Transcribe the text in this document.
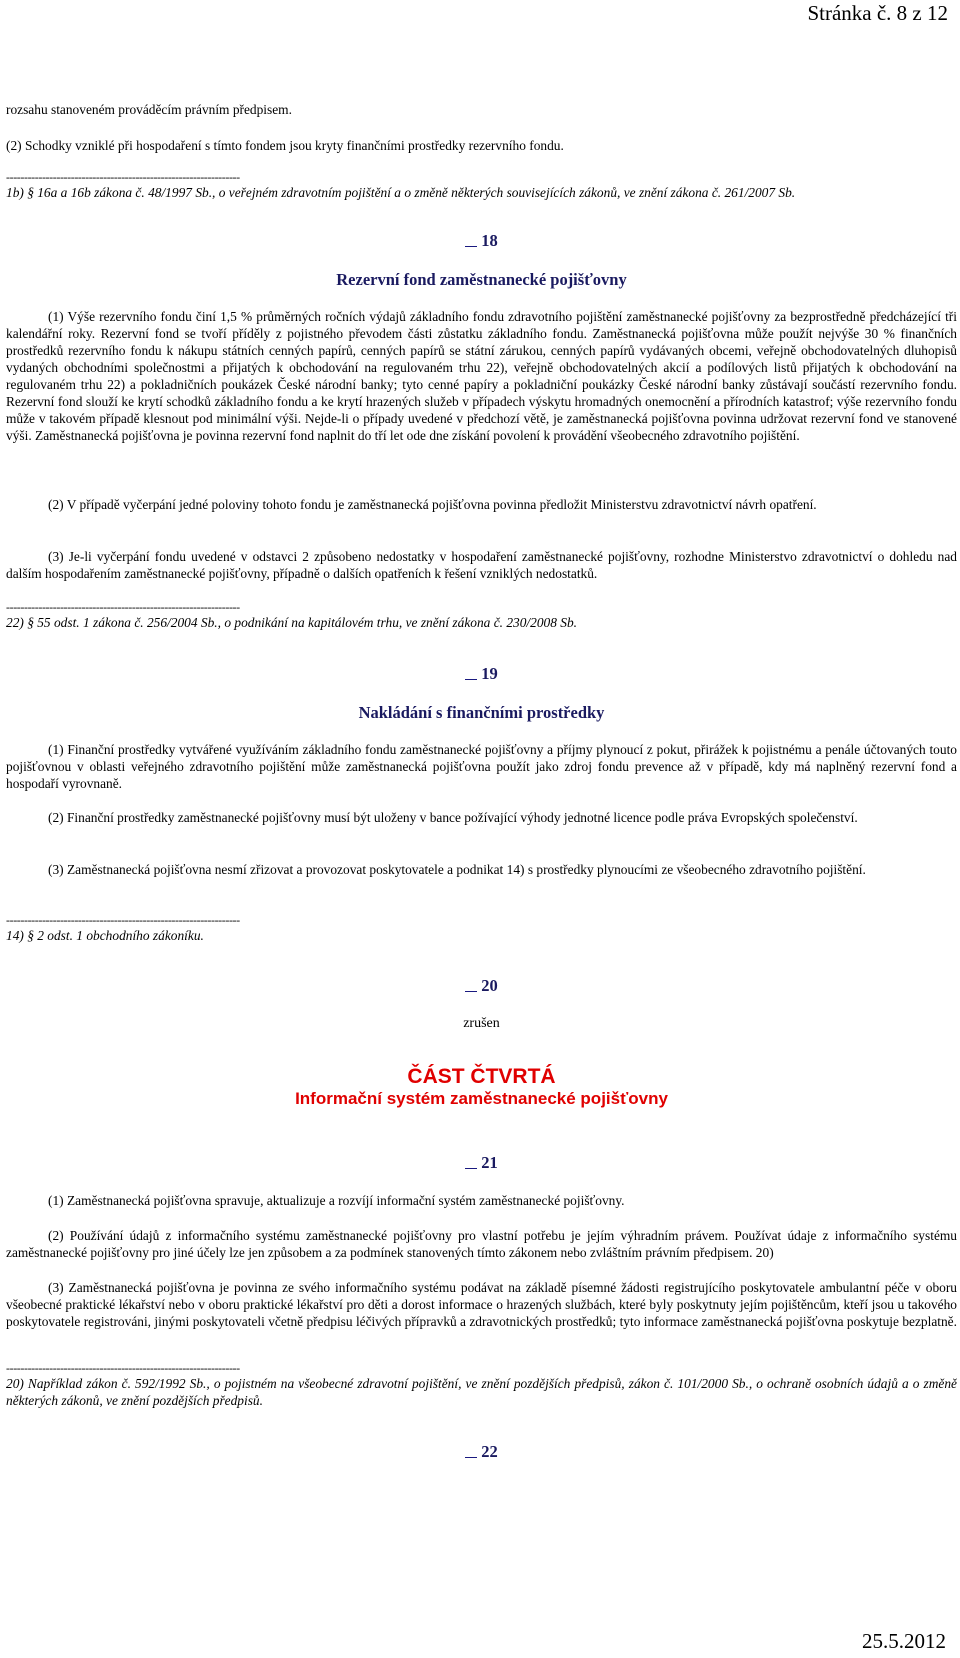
Stránka č. 8 z 12

rozsahu stanoveném prováděcím právním předpisem.

(2) Schodky vzniklé při hospodaření s tímto fondem jsou kryty finančními prostředky rezervního fondu.

-----------------------------------------------------------------

1b) § 16a a 16b zákona č. 48/1997 Sb., o veřejném zdravotním pojištění a o změně některých souvisejících zákonů, ve znění zákona č. 261/2007 Sb.

18
Rezervní fond zaměstnanecké pojišťovny

(1) Výše rezervního fondu činí 1,5 % průměrných ročních výdajů základního fondu zdravotního pojištění zaměstnanecké pojišťovny za bezprostředně předcházející tři kalendářní roky. Rezervní fond se tvoří příděly z pojistného převodem části zůstatku základního fondu. Zaměstnanecká pojišťovna může použít nejvýše 30 % finančních prostředků rezervního fondu k nákupu státních cenných papírů, cenných papírů se státní zárukou, cenných papírů vydávaných obcemi, veřejně obchodovatelných dluhopisů vydaných obchodními společnostmi a přijatých k obchodování na regulovaném trhu 22), veřejně obchodovatelných akcií a podílových listů přijatých k obchodování na regulovaném trhu 22) a pokladničních poukázek České národní banky; tyto cenné papíry a pokladniční poukázky České národní banky zůstávají součástí rezervního fondu. Rezervní fond slouží ke krytí schodků základního fondu a ke krytí hrazených služeb v případech výskytu hromadných onemocnění a přírodních katastrof; výše rezervního fondu může v takovém případě klesnout pod minimální výši. Nejde-li o případy uvedené v předchozí větě, je zaměstnanecká pojišťovna povinna udržovat rezervní fond ve stanovené výši. Zaměstnanecká pojišťovna je povinna rezervní fond naplnit do tří let ode dne získání povolení k provádění všeobecného zdravotního pojištění.

(2) V případě vyčerpání jedné poloviny tohoto fondu je zaměstnanecká pojišťovna povinna předložit Ministerstvu zdravotnictví návrh opatření.

(3) Je-li vyčerpání fondu uvedené v odstavci 2 způsobeno nedostatky v hospodaření zaměstnanecké pojišťovny, rozhodne Ministerstvo zdravotnictví o dohledu nad dalším hospodařením zaměstnanecké pojišťovny, případně o dalších opatřeních k řešení vzniklých nedostatků.

-----------------------------------------------------------------

22) § 55 odst. 1 zákona č. 256/2004 Sb., o podnikání na kapitálovém trhu, ve znění zákona č. 230/2008 Sb.

19
Nakládání s finančními prostředky

(1) Finanční prostředky vytvářené využíváním základního fondu zaměstnanecké pojišťovny a příjmy plynoucí z pokut, přirážek k pojistnému a penále účtovaných touto pojišťovnou v oblasti veřejného zdravotního pojištění může zaměstnanecká pojišťovna použít jako zdroj fondu prevence až v případě, kdy má naplněný rezervní fond a hospodaří vyrovnaně.

(2) Finanční prostředky zaměstnanecké pojišťovny musí být uloženy v bance požívající výhody jednotné licence podle práva Evropských společenství.

(3) Zaměstnanecká pojišťovna nesmí zřizovat a provozovat poskytovatele a podnikat 14) s prostředky plynoucími ze všeobecného zdravotního pojištění.

-----------------------------------------------------------------

14) § 2 odst. 1 obchodního zákoníku.

20

zrušen

ČÁST ČTVRTÁ
Informační systém zaměstnanecké pojišťovny
21

(1) Zaměstnanecká pojišťovna spravuje, aktualizuje a rozvíjí informační systém zaměstnanecké pojišťovny.

(2) Používání údajů z informačního systému zaměstnanecké pojišťovny pro vlastní potřebu je jejím výhradním právem. Používat údaje z informačního systému zaměstnanecké pojišťovny pro jiné účely lze jen způsobem a za podmínek stanovených tímto zákonem nebo zvláštním právním předpisem. 20)

(3) Zaměstnanecká pojišťovna je povinna ze svého informačního systému podávat na základě písemné žádosti registrujícího poskytovatele ambulantní péče v oboru všeobecné praktické lékařství nebo v oboru praktické lékařství pro děti a dorost informace o hrazených službách, které byly poskytnuty jejím pojištěncům, kteří jsou u takového poskytovatele registrováni, jinými poskytovateli včetně předpisu léčivých přípravků a zdravotnických prostředků; tyto informace zaměstnanecká pojišťovna poskytuje bezplatně.

-----------------------------------------------------------------

20) Například zákon č. 592/1992 Sb., o pojistném na všeobecné zdravotní pojištění, ve znění pozdějších předpisů, zákon č. 101/2000 Sb., o ochraně osobních údajů a o změně některých zákonů, ve znění pozdějších předpisů.

22
25.5.2012
